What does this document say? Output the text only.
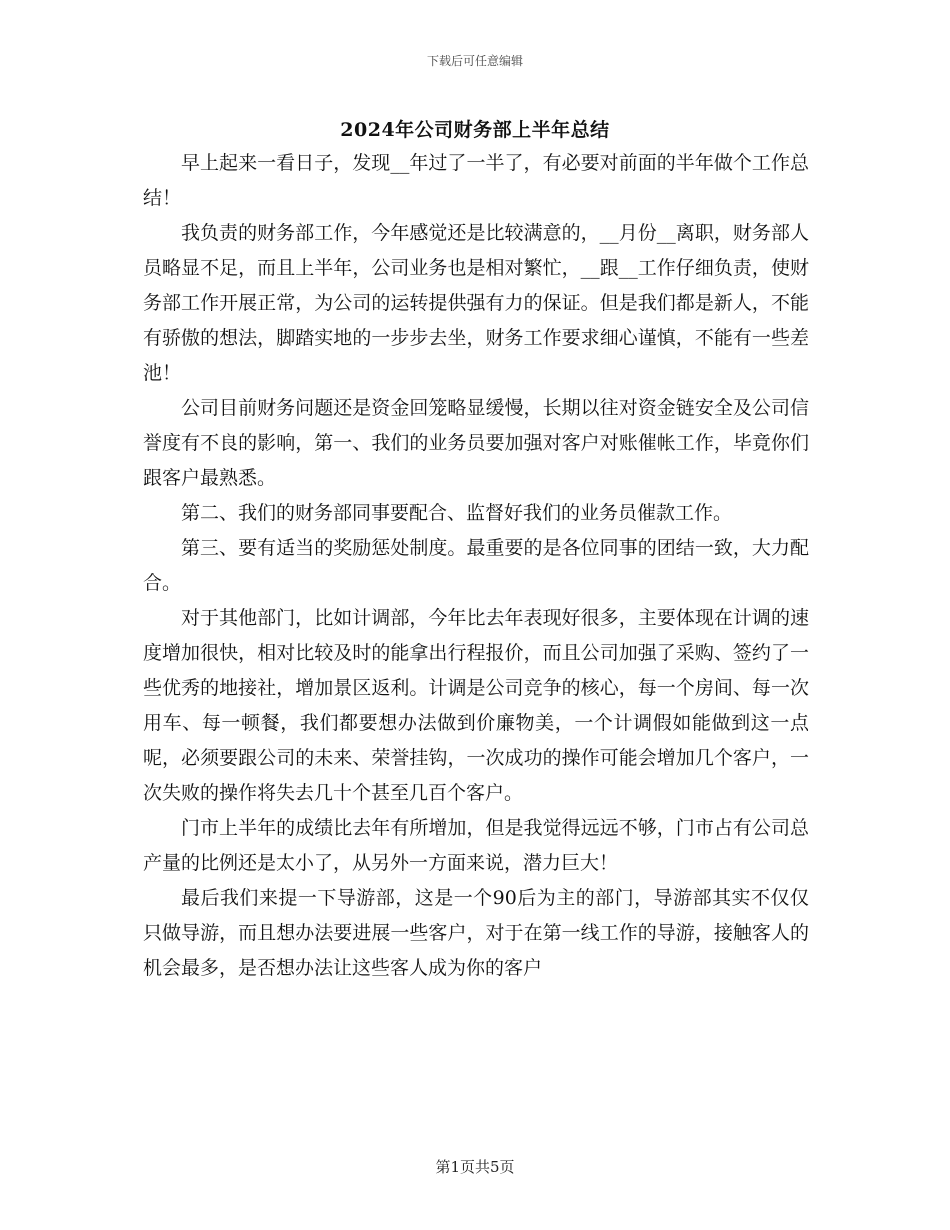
下载后可任意编辑
2024年公司财务部上半年总结

早上起来一看日子，发现__年过了一半了，有必要对前面的半年做个工作总结！

我负责的财务部工作，今年感觉还是比较满意的，__月份__离职，财务部人员略显不足，而且上半年，公司业务也是相对繁忙，__跟__工作仔细负责，使财务部工作开展正常，为公司的运转提供强有力的保证。但是我们都是新人，不能有骄傲的想法，脚踏实地的一步步去坐，财务工作要求细心谨慎，不能有一些差池！

公司目前财务问题还是资金回笼略显缓慢，长期以往对资金链安全及公司信誉度有不良的影响，第一、我们的业务员要加强对客户对账催帐工作，毕竟你们跟客户最熟悉。

第二、我们的财务部同事要配合、监督好我们的业务员催款工作。

第三、要有适当的奖励惩处制度。最重要的是各位同事的团结一致，大力配合。

对于其他部门，比如计调部，今年比去年表现好很多，主要体现在计调的速度增加很快，相对比较及时的能拿出行程报价，而且公司加强了采购、签约了一些优秀的地接社，增加景区返利。计调是公司竞争的核心，每一个房间、每一次用车、每一顿餐，我们都要想办法做到价廉物美，一个计调假如能做到这一点呢，必须要跟公司的未来、荣誉挂钩，一次成功的操作可能会增加几个客户，一次失败的操作将失去几十个甚至几百个客户。

门市上半年的成绩比去年有所增加，但是我觉得远远不够，门市占有公司总产量的比例还是太小了，从另外一方面来说，潜力巨大！

最后我们来提一下导游部，这是一个90后为主的部门，导游部其实不仅仅只做导游，而且想办法要进展一些客户，对于在第一线工作的导游，接触客人的机会最多，是否想办法让这些客人成为你的客户

第1页共5页
